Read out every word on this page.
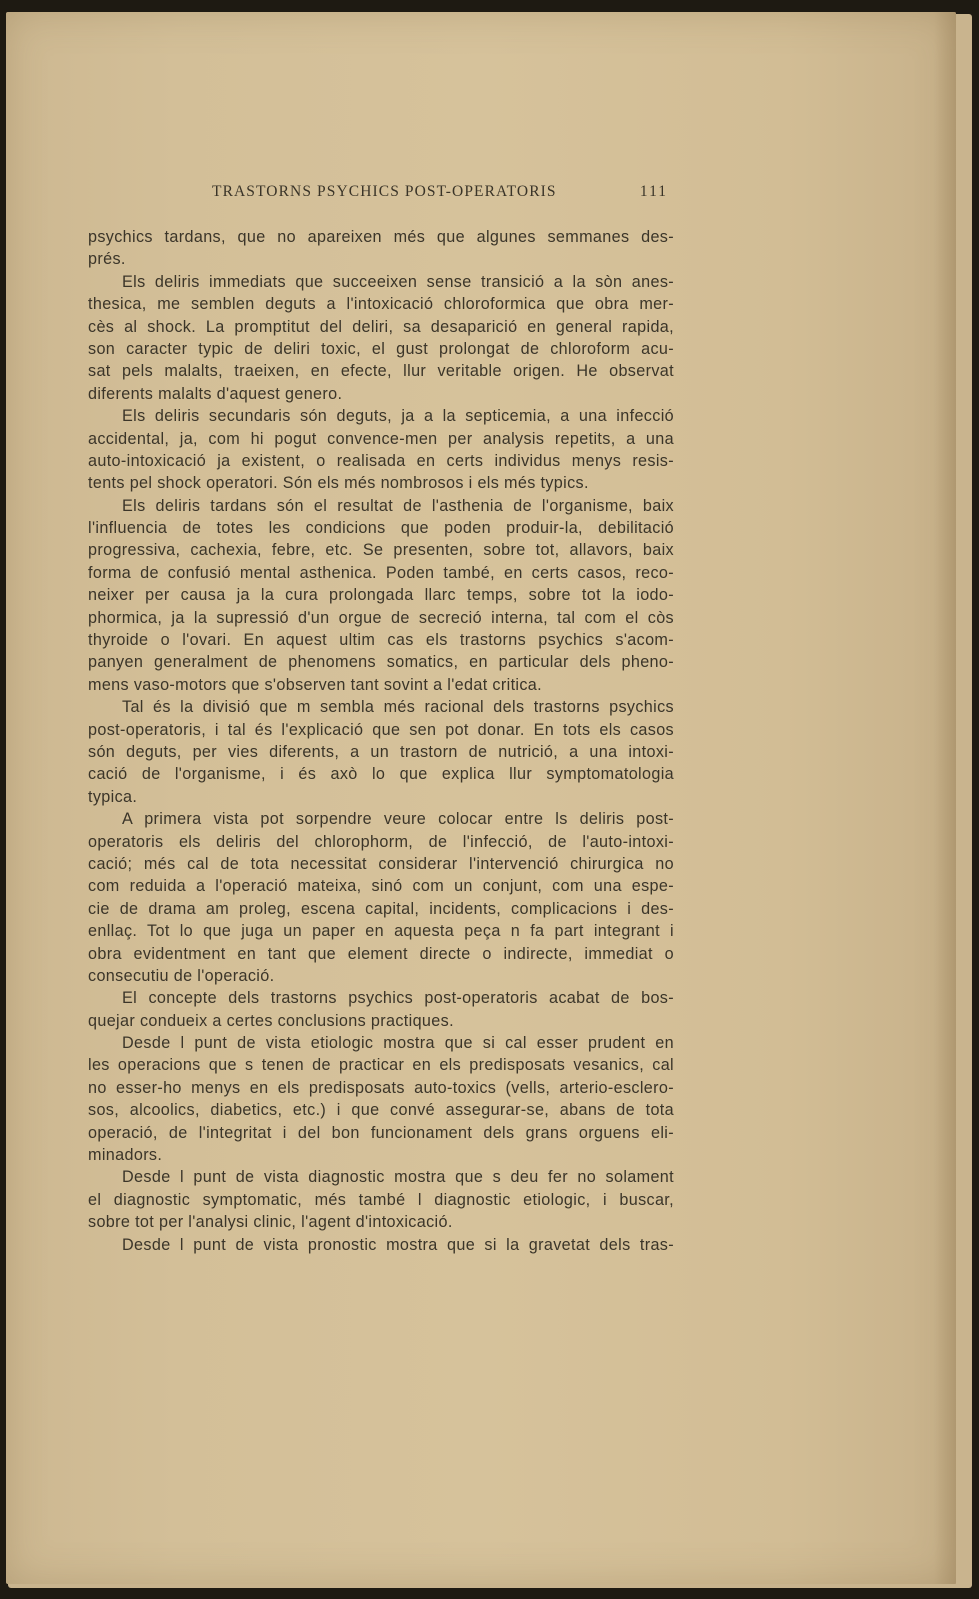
TRASTORNS PSYCHICS POST-OPERATORIS	111
psychics tardans, que no apareixen més que algunes semmanes des-
prés.
Els deliris immediats que succeeixen sense transició a la sòn anes-
thesica, me semblen deguts a l'intoxicació chloroformica que obra mer-
cès al shock. La promptitut del deliri, sa desaparició en general rapida,
son caracter typic de deliri toxic, el gust prolongat de chloroform acu-
sat pels malalts, traeixen, en efecte, llur veritable origen. He observat
diferents malalts d'aquest genero.
Els deliris secundaris són deguts, ja a la septicemia, a una infecció
accidental, ja, com hi pogut convence-men per analysis repetits, a una
auto-intoxicació ja existent, o realisada en certs individus menys resis-
tents pel shock operatori. Són els més nombrosos i els més typics.
Els deliris tardans són el resultat de l'asthenia de l'organisme, baix
l'influencia de totes les condicions que poden produir-la, debilitació
progressiva, cachexia, febre, etc. Se presenten, sobre tot, allavors, baix
forma de confusió mental asthenica. Poden també, en certs casos, reco-
neixer per causa ja la cura prolongada llarc temps, sobre tot la iodo-
phormica, ja la supressió d'un orgue de secreció interna, tal com el còs
thyroide o l'ovari. En aquest ultim cas els trastorns psychics s'acom-
panyen generalment de phenomens somatics, en particular dels pheno-
mens vaso-motors que s'observen tant sovint a l'edat critica.
Tal és la divisió que m sembla més racional dels trastorns psychics
post-operatoris, i tal és l'explicació que sen pot donar. En tots els casos
són deguts, per vies diferents, a un trastorn de nutrició, a una intoxi-
cació de l'organisme, i és axò lo que explica llur symptomatologia
typica.
A primera vista pot sorpendre veure colocar entre ls deliris post-
operatoris els deliris del chlorophorm, de l'infecció, de l'auto-intoxi-
cació; més cal de tota necessitat considerar l'intervenció chirurgica no
com reduida a l'operació mateixa, sinó com un conjunt, com una espe-
cie de drama am proleg, escena capital, incidents, complicacions i des-
enllaç. Tot lo que juga un paper en aquesta peça n fa part integrant i
obra evidentment en tant que element directe o indirecte, immediat o
consecutiu de l'operació.
El concepte dels trastorns psychics post-operatoris acabat de bos-
quejar condueix a certes conclusions practiques.
Desde l punt de vista etiologic mostra que si cal esser prudent en
les operacions que s tenen de practicar en els predisposats vesanics, cal
no esser-ho menys en els predisposats auto-toxics (vells, arterio-esclero-
sos, alcoolics, diabetics, etc.) i que convé assegurar-se, abans de tota
operació, de l'integritat i del bon funcionament dels grans orguens eli-
minadors.
Desde l punt de vista diagnostic mostra que s deu fer no solament
el diagnostic symptomatic, més també l diagnostic etiologic, i buscar,
sobre tot per l'analysi clinic, l'agent d'intoxicació.
Desde l punt de vista pronostic mostra que si la gravetat dels tras-
